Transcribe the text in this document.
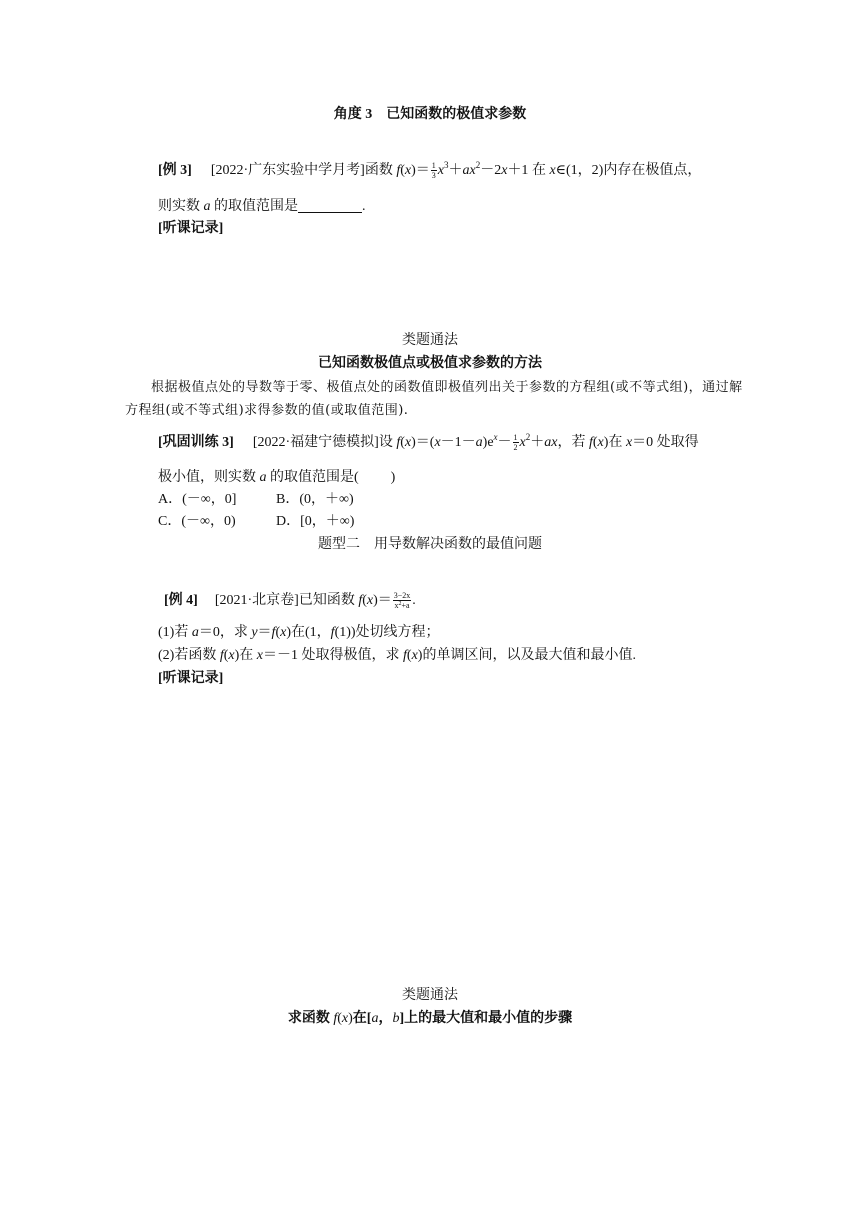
角度 3　已知函数的极值求参数
[例 3] [2022·广东实验中学月考]函数 $f(x)= \frac{1}{3} x^3+ax^2-2x+1$ 在 x∈(1，2)内存在极值点，
则实数 a 的取值范围是	.
[听课记录]
类题通法
已知函数极值点或极值求参数的方法
根据极值点处的导数等于零、极值点处的函数值即极值列出关于参数的方程组(或不等式组)，通过解方程组(或不等式组)求得参数的值(或取值范围).
[巩固训练 3] [2022·福建宁德模拟]设 $f(x)=(x-1-a)e^x- \frac{1}{2} x^2+ax$，若 f(x)在 x＝0 处取得
极小值，则实数 a 的取值范围是( )
A．(－∞，0]	B．(0，＋∞)
C．(－∞，0)	D．[0，＋∞)
题型二　用导数解决函数的最值问题
[例 4] [2021·北京卷]已知函数 $f(x)= \frac{3-2x}{x^2+a}$ .
(1)若 a＝0，求 y＝f(x)在(1，f(1))处切线方程；
(2)若函数 f(x)在 x＝－1 处取得极值，求 f(x)的单调区间，以及最大值和最小值.
[听课记录]
类题通法
求函数 f(x)在[a，b]上的最大值和最小值的步骤
